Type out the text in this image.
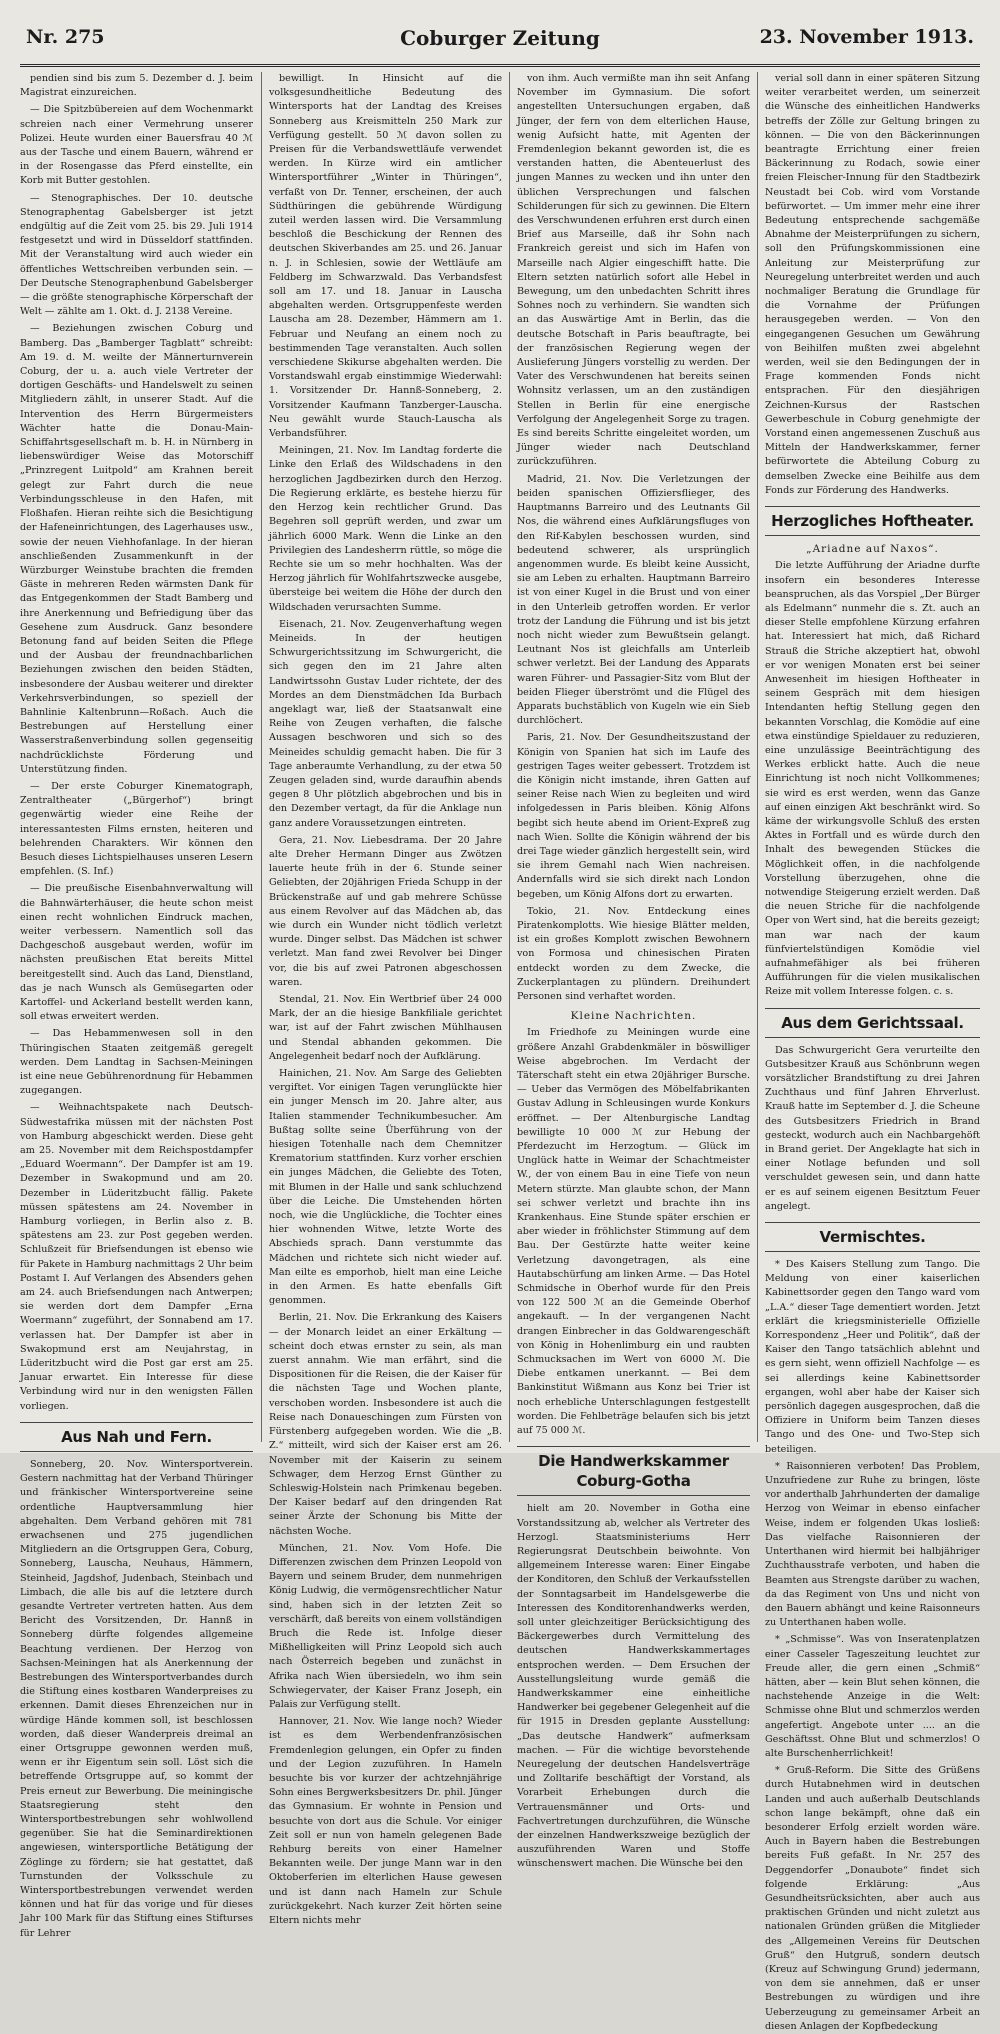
Nr. 275	Coburger Zeitung	23. November 1913.

pendien sind bis zum 5. Dezember d. J. beim Magistrat einzureichen.

— Die Spitzbübereien auf dem Wochenmarkt schreien nach einer Vermehrung unserer Polizei. Heute wurden einer Bauersfrau 40 ℳ aus der Tasche und einem Bauern, während er in der Rosengasse das Pferd einstellte, ein Korb mit Butter gestohlen.

— Stenographisches. Der 10. deutsche Stenographentag Gabelsberger ist jetzt endgültig auf die Zeit vom 25. bis 29. Juli 1914 festgesetzt und wird in Düsseldorf stattfinden. Mit der Veranstaltung wird auch wieder ein öffentliches Wettschreiben verbunden sein. — Der Deutsche Stenographenbund Gabelsberger — die größte stenographische Körperschaft der Welt — zählte am 1. Okt. d. J. 2138 Vereine.

— Beziehungen zwischen Coburg und Bamberg. Das „Bamberger Tagblatt“ schreibt: Am 19. d. M. weilte der Männerturnverein Coburg, der u. a. auch viele Vertreter der dortigen Geschäfts- und Handelswelt zu seinen Mitgliedern zählt, in unserer Stadt. Auf die Intervention des Herrn Bürgermeisters Wächter hatte die Donau-Main-Schiffahrtsgesellschaft m. b. H. in Nürnberg in liebenswürdiger Weise das Motorschiff „Prinzregent Luitpold“ am Krahnen bereit gelegt zur Fahrt durch die neue Verbindungsschleuse in den Hafen, mit Floßhafen. Hieran reihte sich die Besichtigung der Hafeneinrichtungen, des Lagerhauses usw., sowie der neuen Viehhofanlage. In der hieran anschließenden Zusammenkunft in der Würzburger Weinstube brachten die fremden Gäste in mehreren Reden wärmsten Dank für das Entgegenkommen der Stadt Bamberg und ihre Anerkennung und Befriedigung über das Gesehene zum Ausdruck. Ganz besondere Betonung fand auf beiden Seiten die Pflege und der Ausbau der freundnachbarlichen Beziehungen zwischen den beiden Städten, insbesondere der Ausbau weiterer und direkter Verkehrsverbindungen, so speziell der Bahnlinie Kaltenbrunn—Roßach. Auch die Bestrebungen auf Herstellung einer Wasserstraßenverbindung sollen gegenseitig nachdrücklichste Förderung und Unterstützung finden.

— Der erste Coburger Kinematograph, Zentraltheater („Bürgerhof“) bringt gegenwärtig wieder eine Reihe der interessantesten Films ernsten, heiteren und belehrenden Charakters. Wir können den Besuch dieses Lichtspielhauses unseren Lesern empfehlen. (S. Inf.)

— Die preußische Eisenbahnverwaltung will die Bahnwärterhäuser, die heute schon meist einen recht wohnlichen Eindruck machen, weiter verbessern. Namentlich soll das Dachgeschoß ausgebaut werden, wofür im nächsten preußischen Etat bereits Mittel bereitgestellt sind. Auch das Land, Dienstland, das je nach Wunsch als Gemüsegarten oder Kartoffel- und Ackerland bestellt werden kann, soll etwas erweitert werden.

— Das Hebammenwesen soll in den Thüringischen Staaten zeitgemäß geregelt werden. Dem Landtag in Sachsen-Meiningen ist eine neue Gebührenordnung für Hebammen zugegangen.

— Weihnachtspakete nach Deutsch-Südwestafrika müssen mit der nächsten Post von Hamburg abgeschickt werden. Diese geht am 25. November mit dem Reichspostdampfer „Eduard Woermann“. Der Dampfer ist am 19. Dezember in Swakopmund und am 20. Dezember in Lüderitzbucht fällig. Pakete müssen spätestens am 24. November in Hamburg vorliegen, in Berlin also z. B. spätestens am 23. zur Post gegeben werden. Schlußzeit für Briefsendungen ist ebenso wie für Pakete in Hamburg nachmittags 2 Uhr beim Postamt I. Auf Verlangen des Absenders gehen am 24. auch Briefsendungen nach Antwerpen; sie werden dort dem Dampfer „Erna Woermann“ zugeführt, der Sonnabend am 17. verlassen hat. Der Dampfer ist aber in Swakopmund erst am Neujahrstag, in Lüderitzbucht wird die Post gar erst am 25. Januar erwartet. Ein Interesse für diese Verbindung wird nur in den wenigsten Fällen vorliegen.

Aus Nah und Fern.

Sonneberg, 20. Nov. Wintersportverein. Gestern nachmittag hat der Verband Thüringer und fränkischer Wintersportvereine seine ordentliche Hauptversammlung hier abgehalten. Dem Verband gehören mit 781 erwachsenen und 275 jugendlichen Mitgliedern an die Ortsgruppen Gera, Coburg, Sonneberg, Lauscha, Neuhaus, Hämmern, Steinheid, Jagdshof, Judenbach, Steinbach und Limbach, die alle bis auf die letztere durch gesandte Vertreter vertreten hatten. Aus dem Bericht des Vorsitzenden, Dr. Hannß in Sonneberg dürfte folgendes allgemeine Beachtung verdienen. Der Herzog von Sachsen-Meiningen hat als Anerkennung der Bestrebungen des Wintersportverbandes durch die Stiftung eines kostbaren Wanderpreises zu erkennen. Damit dieses Ehrenzeichen nur in würdige Hände kommen soll, ist beschlossen worden, daß dieser Wanderpreis dreimal an einer Ortsgruppe gewonnen werden muß, wenn er ihr Eigentum sein soll. Löst sich die betreffende Ortsgruppe auf, so kommt der Preis erneut zur Bewerbung. Die meiningische Staatsregierung steht den Wintersportbestrebungen sehr wohlwollend gegenüber. Sie hat die Seminardirektionen angewiesen, wintersportliche Betätigung der Zöglinge zu fördern; sie hat gestattet, daß Turnstunden der Volksschule zu Wintersportbestrebungen verwendet werden können und hat für das vorige und für dieses Jahr 100 Mark für das Stiftung eines Stifturses für Lehrer

bewilligt. In Hinsicht auf die volksgesundheitliche Bedeutung des Wintersports hat der Landtag des Kreises Sonneberg aus Kreismitteln 250 Mark zur Verfügung gestellt. 50 ℳ davon sollen zu Preisen für die Verbandswettläufe verwendet werden. In Kürze wird ein amtlicher Wintersportführer „Winter in Thüringen“, verfaßt von Dr. Tenner, erscheinen, der auch Südthüringen die gebührende Würdigung zuteil werden lassen wird. Die Versammlung beschloß die Beschickung der Rennen des deutschen Skiverbandes am 25. und 26. Januar n. J. in Schlesien, sowie der Wettläufe am Feldberg im Schwarzwald. Das Verbandsfest soll am 17. und 18. Januar in Lauscha abgehalten werden. Ortsgruppenfeste werden Lauscha am 28. Dezember, Hämmern am 1. Februar und Neufang an einem noch zu bestimmenden Tage veranstalten. Auch sollen verschiedene Skikurse abgehalten werden. Die Vorstandswahl ergab einstimmige Wiederwahl: 1. Vorsitzender Dr. Hannß-Sonneberg, 2. Vorsitzender Kaufmann Tanzberger-Lauscha. Neu gewählt wurde Stauch-Lauscha als Verbandsführer.

Meiningen, 21. Nov. Im Landtag forderte die Linke den Erlaß des Wildschadens in den herzoglichen Jagdbezirken durch den Herzog. Die Regierung erklärte, es bestehe hierzu für den Herzog kein rechtlicher Grund. Das Begehren soll geprüft werden, und zwar um jährlich 6000 Mark. Wenn die Linke an den Privilegien des Landesherrn rüttle, so möge die Rechte sie um so mehr hochhalten. Was der Herzog jährlich für Wohlfahrtszwecke ausgebe, übersteige bei weitem die Höhe der durch den Wildschaden verursachten Summe.

Eisenach, 21. Nov. Zeugenverhaftung wegen Meineids. In der heutigen Schwurgerichtssitzung im Schwurgericht, die sich gegen den im 21 Jahre alten Landwirtssohn Gustav Luder richtete, der des Mordes an dem Dienstmädchen Ida Burbach angeklagt war, ließ der Staatsanwalt eine Reihe von Zeugen verhaften, die falsche Aussagen beschworen und sich so des Meineides schuldig gemacht haben. Die für 3 Tage anberaumte Verhandlung, zu der etwa 50 Zeugen geladen sind, wurde daraufhin abends gegen 8 Uhr plötzlich abgebrochen und bis in den Dezember vertagt, da für die Anklage nun ganz andere Voraussetzungen eintreten.

Gera, 21. Nov. Liebesdrama. Der 20 Jahre alte Dreher Hermann Dinger aus Zwötzen lauerte heute früh in der 6. Stunde seiner Geliebten, der 20jährigen Frieda Schupp in der Brückenstraße auf und gab mehrere Schüsse aus einem Revolver auf das Mädchen ab, das wie durch ein Wunder nicht tödlich verletzt wurde. Dinger selbst. Das Mädchen ist schwer verletzt. Man fand zwei Revolver bei Dinger vor, die bis auf zwei Patronen abgeschossen waren.

Stendal, 21. Nov. Ein Wertbrief über 24 000 Mark, der an die hiesige Bankfiliale gerichtet war, ist auf der Fahrt zwischen Mühlhausen und Stendal abhanden gekommen. Die Angelegenheit bedarf noch der Aufklärung.

Hainichen, 21. Nov. Am Sarge des Geliebten vergiftet. Vor einigen Tagen verunglückte hier ein junger Mensch im 20. Jahre alter, aus Italien stammender Technikumbesucher. Am Bußtag sollte seine Überführung von der hiesigen Totenhalle nach dem Chemnitzer Krematorium stattfinden. Kurz vorher erschien ein junges Mädchen, die Geliebte des Toten, mit Blumen in der Halle und sank schluchzend über die Leiche. Die Umstehenden hörten noch, wie die Unglückliche, die Tochter eines hier wohnenden Witwe, letzte Worte des Abschieds sprach. Dann verstummte das Mädchen und richtete sich nicht wieder auf. Man eilte es emporhob, hielt man eine Leiche in den Armen. Es hatte ebenfalls Gift genommen.

Berlin, 21. Nov. Die Erkrankung des Kaisers — der Monarch leidet an einer Erkältung — scheint doch etwas ernster zu sein, als man zuerst annahm. Wie man erfährt, sind die Dispositionen für die Reisen, die der Kaiser für die nächsten Tage und Wochen plante, verschoben worden. Insbesondere ist auch die Reise nach Donaueschingen zum Fürsten von Fürstenberg aufgegeben worden. Wie die „B. Z.“ mitteilt, wird sich der Kaiser erst am 26. November mit der Kaiserin zu seinem Schwager, dem Herzog Ernst Günther zu Schleswig-Holstein nach Primkenau begeben. Der Kaiser bedarf auf den dringenden Rat seiner Ärzte der Schonung bis Mitte der nächsten Woche.

München, 21. Nov. Vom Hofe. Die Differenzen zwischen dem Prinzen Leopold von Bayern und seinem Bruder, dem nunmehrigen König Ludwig, die vermögensrechtlicher Natur sind, haben sich in der letzten Zeit so verschärft, daß bereits von einem vollständigen Bruch die Rede ist. Infolge dieser Mißhelligkeiten will Prinz Leopold sich auch nach Österreich begeben und zunächst in Afrika nach Wien übersiedeln, wo ihm sein Schwiegervater, der Kaiser Franz Joseph, ein Palais zur Verfügung stellt.

Hannover, 21. Nov. Wie lange noch? Wieder ist es dem Werbendenfranzösischen Fremdenlegion gelungen, ein Opfer zu finden und der Legion zuzuführen. In Hameln besuchte bis vor kurzer der achtzehnjährige Sohn eines Bergwerksbesitzers Dr. phil. Jünger das Gymnasium. Er wohnte in Pension und besuchte von dort aus die Schule. Vor einiger Zeit soll er nun von hameln gelegenen Bade Rehburg bereits von einer Hamelner Bekannten weile. Der junge Mann war in den Oktoberferien im elterlichen Hause gewesen und ist dann nach Hameln zur Schule zurückgekehrt. Nach kurzer Zeit hörten seine Eltern nichts mehr

von ihm. Auch vermißte man ihn seit Anfang November im Gymnasium. Die sofort angestellten Untersuchungen ergaben, daß Jünger, der fern von dem elterlichen Hause, wenig Aufsicht hatte, mit Agenten der Fremdenlegion bekannt geworden ist, die es verstanden hatten, die Abenteuerlust des jungen Mannes zu wecken und ihn unter den üblichen Versprechungen und falschen Schilderungen für sich zu gewinnen. Die Eltern des Verschwundenen erfuhren erst durch einen Brief aus Marseille, daß ihr Sohn nach Frankreich gereist und sich im Hafen von Marseille nach Algier eingeschifft hatte. Die Eltern setzten natürlich sofort alle Hebel in Bewegung, um den unbedachten Schritt ihres Sohnes noch zu verhindern. Sie wandten sich an das Auswärtige Amt in Berlin, das die deutsche Botschaft in Paris beauftragte, bei der französischen Regierung wegen der Auslieferung Jüngers vorstellig zu werden. Der Vater des Verschwundenen hat bereits seinen Wohnsitz verlassen, um an den zuständigen Stellen in Berlin für eine energische Verfolgung der Angelegenheit Sorge zu tragen. Es sind bereits Schritte eingeleitet worden, um Jünger wieder nach Deutschland zurückzuführen.

Madrid, 21. Nov. Die Verletzungen der beiden spanischen Offiziersflieger, des Hauptmanns Barreiro und des Leutnants Gil Nos, die während eines Aufklärungsfluges von den Rif-Kabylen beschossen wurden, sind bedeutend schwerer, als ursprünglich angenommen wurde. Es bleibt keine Aussicht, sie am Leben zu erhalten. Hauptmann Barreiro ist von einer Kugel in die Brust und von einer in den Unterleib getroffen worden. Er verlor trotz der Landung die Führung und ist bis jetzt noch nicht wieder zum Bewußtsein gelangt. Leutnant Nos ist gleichfalls am Unterleib schwer verletzt. Bei der Landung des Apparats waren Führer- und Passagier-Sitz vom Blut der beiden Flieger überströmt und die Flügel des Apparats buchstäblich von Kugeln wie ein Sieb durchlöchert.

Paris, 21. Nov. Der Gesundheitszustand der Königin von Spanien hat sich im Laufe des gestrigen Tages weiter gebessert. Trotzdem ist die Königin nicht imstande, ihren Gatten auf seiner Reise nach Wien zu begleiten und wird infolgedessen in Paris bleiben. König Alfons begibt sich heute abend im Orient-Expreß zug nach Wien. Sollte die Königin während der bis drei Tage wieder gänzlich hergestellt sein, wird sie ihrem Gemahl nach Wien nachreisen. Andernfalls wird sie sich direkt nach London begeben, um König Alfons dort zu erwarten.

Tokio, 21. Nov. Entdeckung eines Piratenkomplotts. Wie hiesige Blätter melden, ist ein großes Komplott zwischen Bewohnern von Formosa und chinesischen Piraten entdeckt worden zu dem Zwecke, die Zuckerplantagen zu plündern. Dreihundert Personen sind verhaftet worden.

Kleine Nachrichten.

Im Friedhofe zu Meiningen wurde eine größere Anzahl Grabdenkmäler in böswilliger Weise abgebrochen. Im Verdacht der Täterschaft steht ein etwa 20jähriger Bursche. — Ueber das Vermögen des Möbelfabrikanten Gustav Adlung in Schleusingen wurde Konkurs eröffnet. — Der Altenburgische Landtag bewilligte 10 000 ℳ zur Hebung der Pferdezucht im Herzogtum. — Glück im Unglück hatte in Weimar der Schachtmeister W., der von einem Bau in eine Tiefe von neun Metern stürzte. Man glaubte schon, der Mann sei schwer verletzt und brachte ihn ins Krankenhaus. Eine Stunde später erschien er aber wieder in fröhlichster Stimmung auf dem Bau. Der Gestürzte hatte weiter keine Verletzung davongetragen, als eine Hautabschürfung am linken Arme. — Das Hotel Schmidsche in Oberhof wurde für den Preis von 122 500 ℳ an die Gemeinde Oberhof angekauft. — In der vergangenen Nacht drangen Einbrecher in das Goldwarengeschäft von König in Hohenlimburg ein und raubten Schmucksachen im Wert von 6000 ℳ. Die Diebe entkamen unerkannt. — Bei dem Bankinstitut Wißmann aus Konz bei Trier ist noch erhebliche Unterschlagungen festgestellt worden. Die Fehlbeträge belaufen sich bis jetzt auf 75 000 ℳ.

Die Handwerkskammer Coburg-Gotha

hielt am 20. November in Gotha eine Vorstandssitzung ab, welcher als Vertreter des Herzogl. Staatsministeriums Herr Regierungsrat Deutschbein beiwohnte. Von allgemeinem Interesse waren: Einer Eingabe der Konditoren, den Schluß der Verkaufsstellen der Sonntagsarbeit im Handelsgewerbe die Interessen des Konditorenhandwerks werden, soll unter gleichzeitiger Berücksichtigung des Bäckergewerbes durch Vermittelung des deutschen Handwerkskammertages entsprochen werden. — Dem Ersuchen der Ausstellungsleitung wurde gemäß die Handwerkskammer eine einheitliche Handwerker bei gegebener Gelegenheit auf die für 1915 in Dresden geplante Ausstellung: „Das deutsche Handwerk“ aufmerksam machen. — Für die wichtige bevorstehende Neuregelung der deutschen Handelsverträge und Zolltarife beschäftigt der Vorstand, als Vorarbeit Erhebungen durch die Vertrauensmänner und Orts- und Fachvertretungen durchzuführen, die Wünsche der einzelnen Handwerkszweige bezüglich der auszuführenden Waren und Stoffe wünschenswert machen. Die Wünsche bei den

verial soll dann in einer späteren Sitzung weiter verarbeitet werden, um seinerzeit die Wünsche des einheitlichen Handwerks betreffs der Zölle zur Geltung bringen zu können. — Die von den Bäckerinnungen beantragte Errichtung einer freien Bäckerinnung zu Rodach, sowie einer freien Fleischer-Innung für den Stadtbezirk Neustadt bei Cob. wird vom Vorstande befürwortet. — Um immer mehr eine ihrer Bedeutung entsprechende sachgemäße Abnahme der Meisterprüfungen zu sichern, soll den Prüfungskommissionen eine Anleitung zur Meisterprüfung zur Neuregelung unterbreitet werden und auch nochmaliger Beratung die Grundlage für die Vornahme der Prüfungen herausgegeben werden. — Von den eingegangenen Gesuchen um Gewährung von Beihilfen mußten zwei abgelehnt werden, weil sie den Bedingungen der in Frage kommenden Fonds nicht entsprachen. Für den diesjährigen Zeichnen-Kursus der Rastschen Gewerbeschule in Coburg genehmigte der Vorstand einen angemessenen Zuschuß aus Mitteln der Handwerkskammer, ferner befürwortete die Abteilung Coburg zu demselben Zwecke eine Beihilfe aus dem Fonds zur Förderung des Handwerks.

Herzogliches Hoftheater.
„Ariadne auf Naxos“.

Die letzte Aufführung der Ariadne durfte insofern ein besonderes Interesse beanspruchen, als das Vorspiel „Der Bürger als Edelmann“ nunmehr die s. Zt. auch an dieser Stelle empfohlene Kürzung erfahren hat. Interessiert hat mich, daß Richard Strauß die Striche akzeptiert hat, obwohl er vor wenigen Monaten erst bei seiner Anwesenheit im hiesigen Hoftheater in seinem Gespräch mit dem hiesigen Intendanten heftig Stellung gegen den bekannten Vorschlag, die Komödie auf eine etwa einstündige Spieldauer zu reduzieren, eine unzulässige Beeinträchtigung des Werkes erblickt hatte. Auch die neue Einrichtung ist noch nicht Vollkommenes; sie wird es erst werden, wenn das Ganze auf einen einzigen Akt beschränkt wird. So käme der wirkungsvolle Schluß des ersten Aktes in Fortfall und es würde durch den Inhalt des bewegenden Stückes die Möglichkeit offen, in die nachfolgende Vorstellung überzugehen, ohne die notwendige Steigerung erzielt werden. Daß die neuen Striche für die nachfolgende Oper von Wert sind, hat die bereits gezeigt; man war nach der kaum fünfviertelstündigen Komödie viel aufnahmefähiger als bei früheren Aufführungen für die vielen musikalischen Reize mit vollem Interesse folgen. c. s.

Aus dem Gerichtssaal.

Das Schwurgericht Gera verurteilte den Gutsbesitzer Krauß aus Schönbrunn wegen vorsätzlicher Brandstiftung zu drei Jahren Zuchthaus und fünf Jahren Ehrverlust. Krauß hatte im September d. J. die Scheune des Gutsbesitzers Friedrich in Brand gesteckt, wodurch auch ein Nachbargehöft in Brand geriet. Der Angeklagte hat sich in einer Notlage befunden und soll verschuldet gewesen sein, und dann hatte er es auf seinem eigenen Besitztum Feuer angelegt.

Vermischtes.

* Des Kaisers Stellung zum Tango. Die Meldung von einer kaiserlichen Kabinettsorder gegen den Tango ward vom „L.A.“ dieser Tage dementiert worden. Jetzt erklärt die kriegsministerielle Offizielle Korrespondenz „Heer und Politik“, daß der Kaiser den Tango tatsächlich ablehnt und es gern sieht, wenn offiziell Nachfolge — es sei allerdings keine Kabinettsorder ergangen, wohl aber habe der Kaiser sich persönlich dagegen ausgesprochen, daß die Offiziere in Uniform beim Tanzen dieses Tango und des One- und Two-Step sich beteiligen.

* Raisonnieren verboten! Das Problem, Unzufriedene zur Ruhe zu bringen, löste vor anderthalb Jahrhunderten der damalige Herzog von Weimar in ebenso einfacher Weise, indem er folgenden Ukas losließ: Das vielfache Raisonnieren der Unterthanen wird hiermit bei halbjähriger Zuchthausstrafe verboten, und haben die Beamten aus Strengste darüber zu wachen, da das Regiment von Uns und nicht von den Bauern abhängt und keine Raisonneurs zu Unterthanen haben wolle.

* „Schmisse“. Was von Inseratenplatzen einer Casseler Tageszeitung leuchtet zur Freude aller, die gern einen „Schmiß“ hätten, aber — kein Blut sehen können, die nachstehende Anzeige in die Welt: Schmisse ohne Blut und schmerzlos werden angefertigt. Angebote unter .... an die Geschäftsst. Ohne Blut und schmerzlos! O alte Burschenherrlichkeit!

* Gruß-Reform. Die Sitte des Grüßens durch Hutabnehmen wird in deutschen Landen und auch außerhalb Deutschlands schon lange bekämpft, ohne daß ein besonderer Erfolg erzielt worden wäre. Auch in Bayern haben die Bestrebungen bereits Fuß gefaßt. In Nr. 257 des Deggendorfer „Donaubote“ findet sich folgende Erklärung: „Aus Gesundheitsrücksichten, aber auch aus praktischen Gründen und nicht zuletzt aus nationalen Gründen grüßen die Mitglieder des „Allgemeinen Vereins für Deutschen Gruß“ den Hutgruß, sondern deutsch (Kreuz auf Schwingung Grund) jedermann, von dem sie annehmen, daß er unser Bestrebungen zu würdigen und ihre Ueberzeugung zu gemeinsamer Arbeit an diesen Anlagen der Kopfbedeckung
